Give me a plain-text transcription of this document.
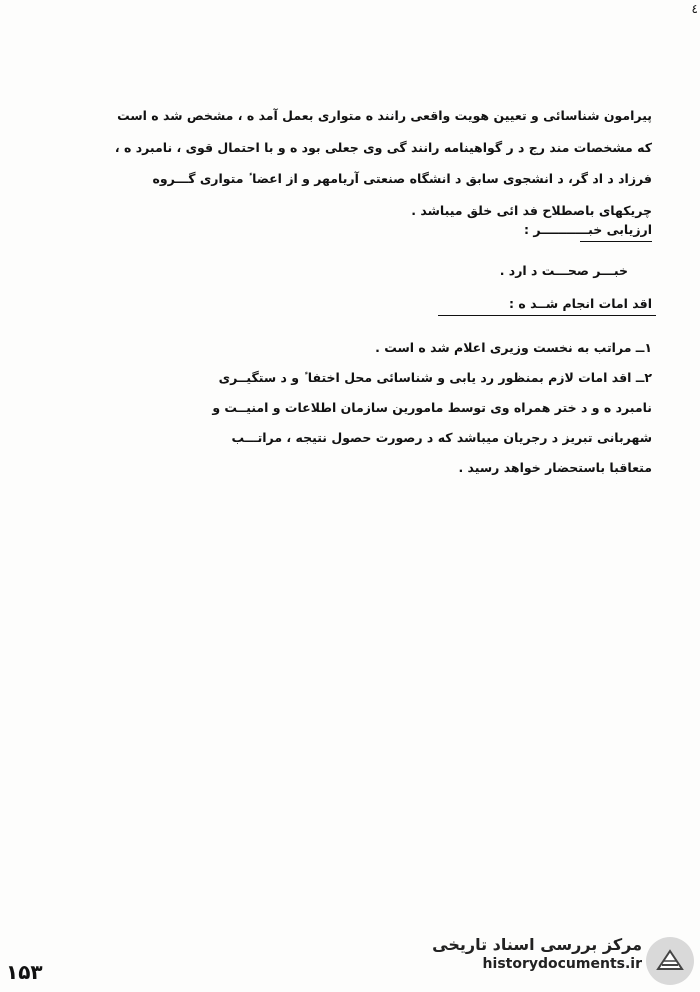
٤

پیرامون شناسائی و تعیین هویت واقعی رانند ه متواری بعمل آمد ه ، مشخص شد ه است

که مشخصات مند رج د ر گواهینامه رانند گی وی جعلی بود ه و با احتمال قوی ، نامبرد ه ،

فرزاد د اد گر، د انشجوی سابق د انشگاه صنعتی آریامهر و از اعضا ٔ متواری گـــروه

چریکهای باصطلاح فد ائی خلق میباشد .

ارزیابی خبـــــــــــر :
خبـــر صحـــت د ارد .
اقد امات انجام شــد ه :

۱ــ مراتب به نخست وزیری اعلام شد ه است .

۲ــ اقد امات لازم بمنظور رد یابی و شناسائی محل اختفا ٔ و د ستگیــری

نامبرد ه و د ختر همراه وی توسط مامورین سازمان اطلاعات و امنیــت و

شهربانی تبریز د رجریان میباشد که د رصورت حصول نتیجه ، مراتـــب

متعاقبا باستحضار خواهد رسید .

۱۵۳
مرکز بررسی اسناد تاریخی
historydocuments.ir
